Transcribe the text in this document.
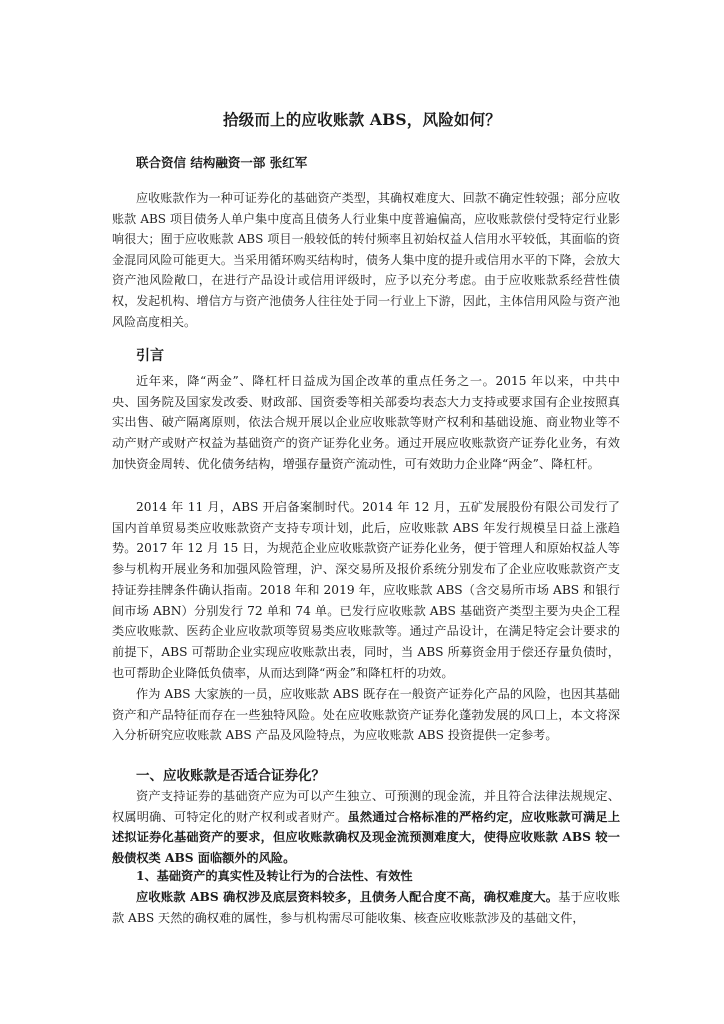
拾级而上的应收账款 ABS，风险如何？
联合资信 结构融资一部 张红军

应收账款作为一种可证券化的基础资产类型，其确权难度大、回款不确定性较强；部分应收账款 ABS 项目债务人单户集中度高且债务人行业集中度普遍偏高，应收账款偿付受特定行业影响很大；囿于应收账款 ABS 项目一般较低的转付频率且初始权益人信用水平较低，其面临的资金混同风险可能更大。当采用循环购买结构时，债务人集中度的提升或信用水平的下降，会放大资产池风险敞口，在进行产品设计或信用评级时，应予以充分考虑。由于应收账款系经营性债权，发起机构、增信方与资产池债务人往往处于同一行业上下游，因此，主体信用风险与资产池风险高度相关。

引言

近年来，降“两金”、降杠杆日益成为国企改革的重点任务之一。2015 年以来，中共中央、国务院及国家发改委、财政部、国资委等相关部委均表态大力支持或要求国有企业按照真实出售、破产隔离原则，依法合规开展以企业应收账款等财产权利和基础设施、商业物业等不动产财产或财产权益为基础资产的资产证券化业务。通过开展应收账款资产证券化业务，有效加快资金周转、优化债务结构，增强存量资产流动性，可有效助力企业降“两金”、降杠杆。

2014 年 11 月，ABS 开启备案制时代。2014 年 12 月，五矿发展股份有限公司发行了国内首单贸易类应收账款资产支持专项计划，此后，应收账款 ABS 年发行规模呈日益上涨趋势。2017 年 12 月 15 日，为规范企业应收账款资产证券化业务，便于管理人和原始权益人等参与机构开展业务和加强风险管理，沪、深交易所及报价系统分别发布了企业应收账款资产支持证券挂牌条件确认指南。2018 年和 2019 年，应收账款 ABS（含交易所市场 ABS 和银行间市场 ABN）分别发行 72 单和 74 单。已发行应收账款 ABS 基础资产类型主要为央企工程类应收账款、医药企业应收款项等贸易类应收账款等。通过产品设计，在满足特定会计要求的前提下，ABS 可帮助企业实现应收账款出表，同时，当 ABS 所募资金用于偿还存量负债时，也可帮助企业降低负债率，从而达到降“两金”和降杠杆的功效。

作为 ABS 大家族的一员，应收账款 ABS 既存在一般资产证券化产品的风险，也因其基础资产和产品特征而存在一些独特风险。处在应收账款资产证券化蓬勃发展的风口上，本文将深入分析研究应收账款 ABS 产品及风险特点，为应收账款 ABS 投资提供一定参考。

一、应收账款是否适合证券化？

资产支持证券的基础资产应为可以产生独立、可预测的现金流，并且符合法律法规规定、权属明确、可特定化的财产权利或者财产。虽然通过合格标准的严格约定，应收账款可满足上述拟证券化基础资产的要求，但应收账款确权及现金流预测难度大，使得应收账款 ABS 较一般债权类 ABS 面临额外的风险。

1、基础资产的真实性及转让行为的合法性、有效性

应收账款 ABS 确权涉及底层资料较多，且债务人配合度不高，确权难度大。基于应收账款 ABS 天然的确权难的属性，参与机构需尽可能收集、核查应收账款涉及的基础文件，
